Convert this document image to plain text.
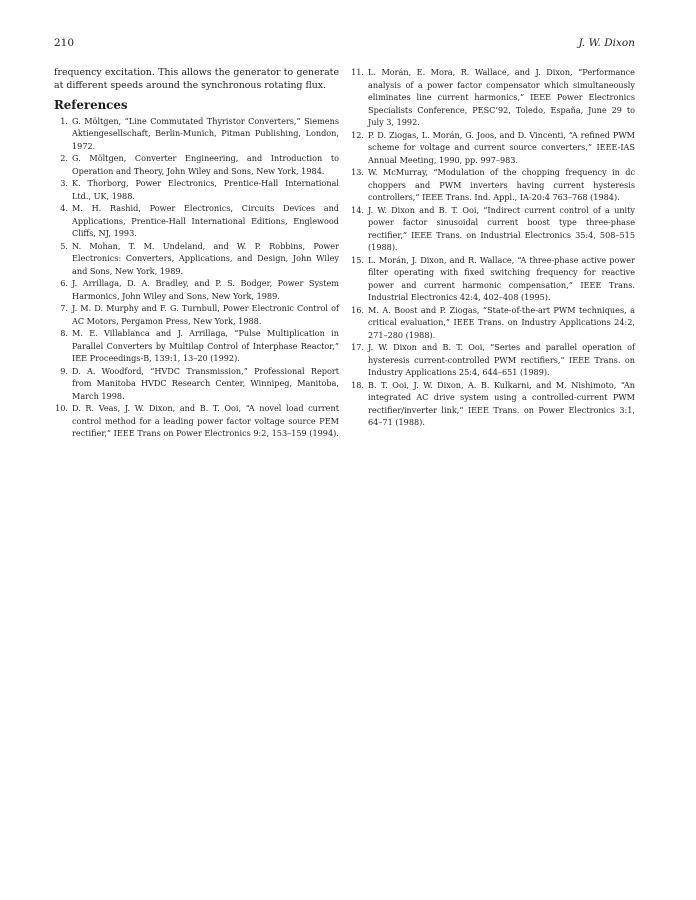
210	J. W. Dixon

frequency excitation. This allows the generator to generate at different speeds around the synchronous rotating flux.

References
1. G. Möltgen, “Line Commutated Thyristor Converters,” Siemens Aktiengesellschaft, Berlin-Munich, Pitman Publishing, London, 1972.
2. G. Möltgen, Converter Engineering, and Introduction to Operation and Theory, John Wiley and Sons, New York, 1984.
3. K. Thorborg, Power Electronics, Prentice-Hall International Ltd., UK, 1988.
4. M. H. Rashid, Power Electronics, Circuits Devices and Applications, Prentice-Hall International Editions, Englewood Cliffs, NJ, 1993.
5. N. Mohan, T. M. Undeland, and W. P. Robbins, Power Electronics: Converters, Applications, and Design, John Wiley and Sons, New York, 1989.
6. J. Arrillaga, D. A. Bradley, and P. S. Bodger, Power System Harmonics, John Wiley and Sons, New York, 1989.
7. J. M. D. Murphy and F. G. Turnbull, Power Electronic Control of AC Motors, Pergamon Press, New York, 1988.
8. M. E. Villablanca and J. Arrillaga, “Pulse Multiplication in Parallel Converters by Multilap Control of Interphase Reactor,” IEE Proceedings-B, 139:1, 13–20 (1992).
9. D. A. Woodford, “HVDC Transmission,” Professional Report from Manitoba HVDC Research Center, Winnipeg, Manitoba, March 1998.
10. D. R. Veas, J. W. Dixon, and B. T. Ooi, “A novel load current control method for a leading power factor voltage source PEM rectifier,” IEEE Trans on Power Electronics 9:2, 153–159 (1994).
11. L. Morán, E. Mora, R. Wallace, and J. Dixon, “Performance analysis of a power factor compensator which simultaneously eliminates line current harmonics,” IEEE Power Electronics Specialists Conference, PESC’92, Toledo, España, June 29 to July 3, 1992.
12. P. D. Ziogas, L. Morán, G. Joos, and D. Vincenti, “A refined PWM scheme for voltage and current source converters,” IEEE-IAS Annual Meeting, 1990, pp. 997–983.
13. W. McMurray, “Modulation of the chopping frequency in dc choppers and PWM inverters having current hysteresis controllers,” IEEE Trans. Ind. Appl., IA-20:4 763–768 (1984).
14. J. W. Dixon and B. T. Ooi, “Indirect current control of a unity power factor sinusoidal current boost type three-phase rectifier,” IEEE Trans. on Industrial Electronics 35:4, 508–515 (1988).
15. L. Morán, J. Dixon, and R. Wallace, “A three-phase active power filter operating with fixed switching frequency for reactive power and current harmonic compensation,” IEEE Trans. Industrial Electronics 42:4, 402–408 (1995).
16. M. A. Boost and P. Ziogas, “State-of-the-art PWM techniques, a critical evaluation,” IEEE Trans. on Industry Applications 24:2, 271–280 (1988).
17. J. W. Dixon and B. T. Ooi, “Series and parallel operation of hysteresis current-controlled PWM rectifiers,” IEEE Trans. on Industry Applications 25:4, 644–651 (1989).
18. B. T. Ooi, J. W. Dixon, A. B. Kulkarni, and M. Nishimoto, “An integrated AC drive system using a controlled-current PWM rectifier/inverter link,” IEEE Trans. on Power Electronics 3:1, 64–71 (1988).
